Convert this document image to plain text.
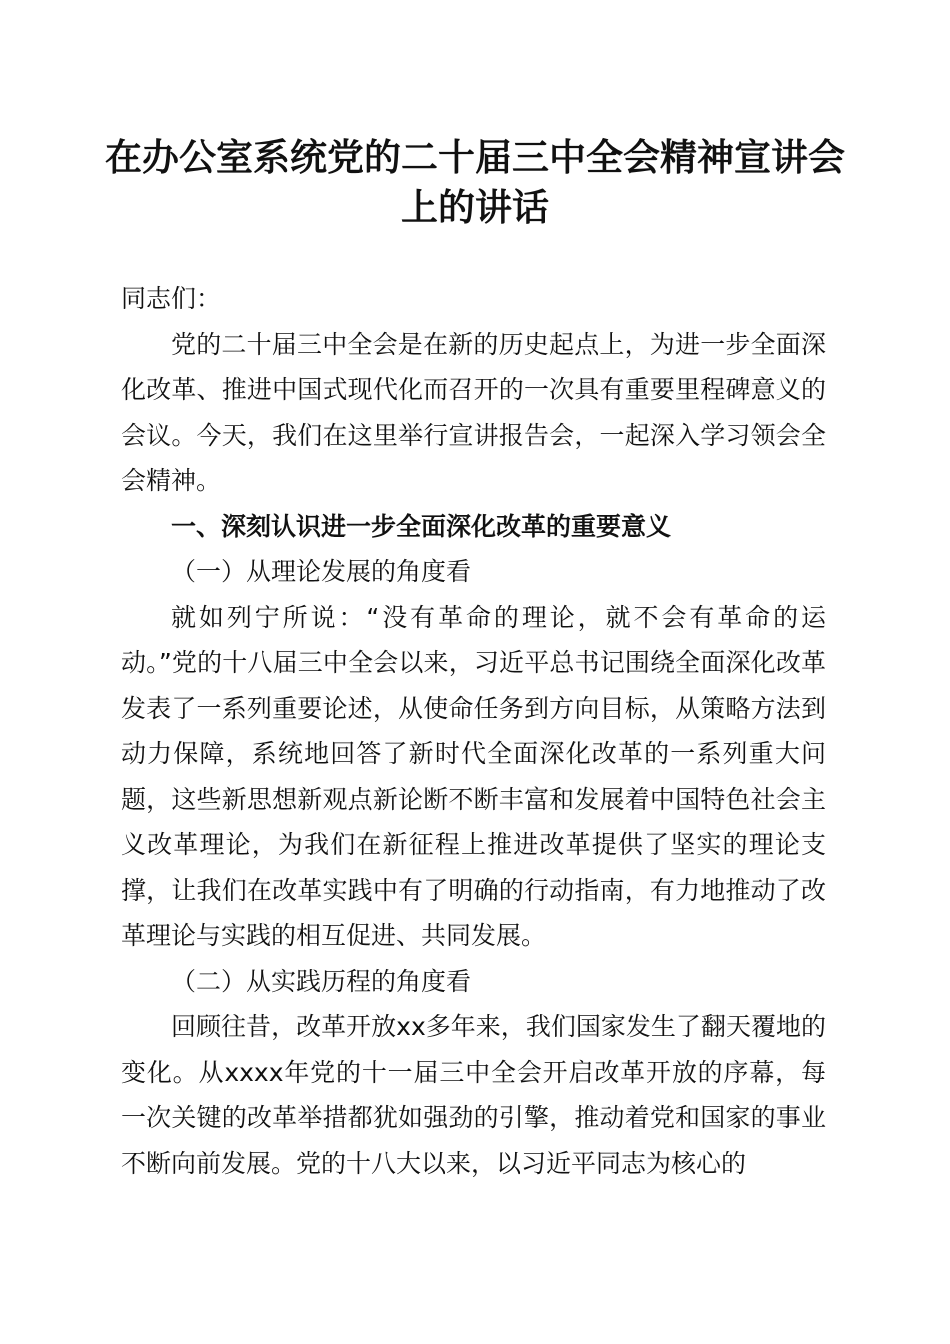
在办公室系统党的二十届三中全会精神宣讲会
上的讲话

同志们：

党的二十届三中全会是在新的历史起点上，为进一步全面深化改革、推进中国式现代化而召开的一次具有重要里程碑意义的会议。今天，我们在这里举行宣讲报告会，一起深入学习领会全会精神。

一、深刻认识进一步全面深化改革的重要意义

（一）从理论发展的角度看

就如列宁所说：“没有革命的理论，就不会有革命的运动。”党的十八届三中全会以来，习近平总书记围绕全面深化改革发表了一系列重要论述，从使命任务到方向目标，从策略方法到动力保障，系统地回答了新时代全面深化改革的一系列重大问题，这些新思想新观点新论断不断丰富和发展着中国特色社会主义改革理论，为我们在新征程上推进改革提供了坚实的理论支撑，让我们在改革实践中有了明确的行动指南，有力地推动了改革理论与实践的相互促进、共同发展。

（二）从实践历程的角度看

回顾往昔，改革开放xx多年来，我们国家发生了翻天覆地的变化。从xxxx年党的十一届三中全会开启改革开放的序幕，每一次关键的改革举措都犹如强劲的引擎，推动着党和国家的事业不断向前发展。党的十八大以来，以习近平同志为核心的
